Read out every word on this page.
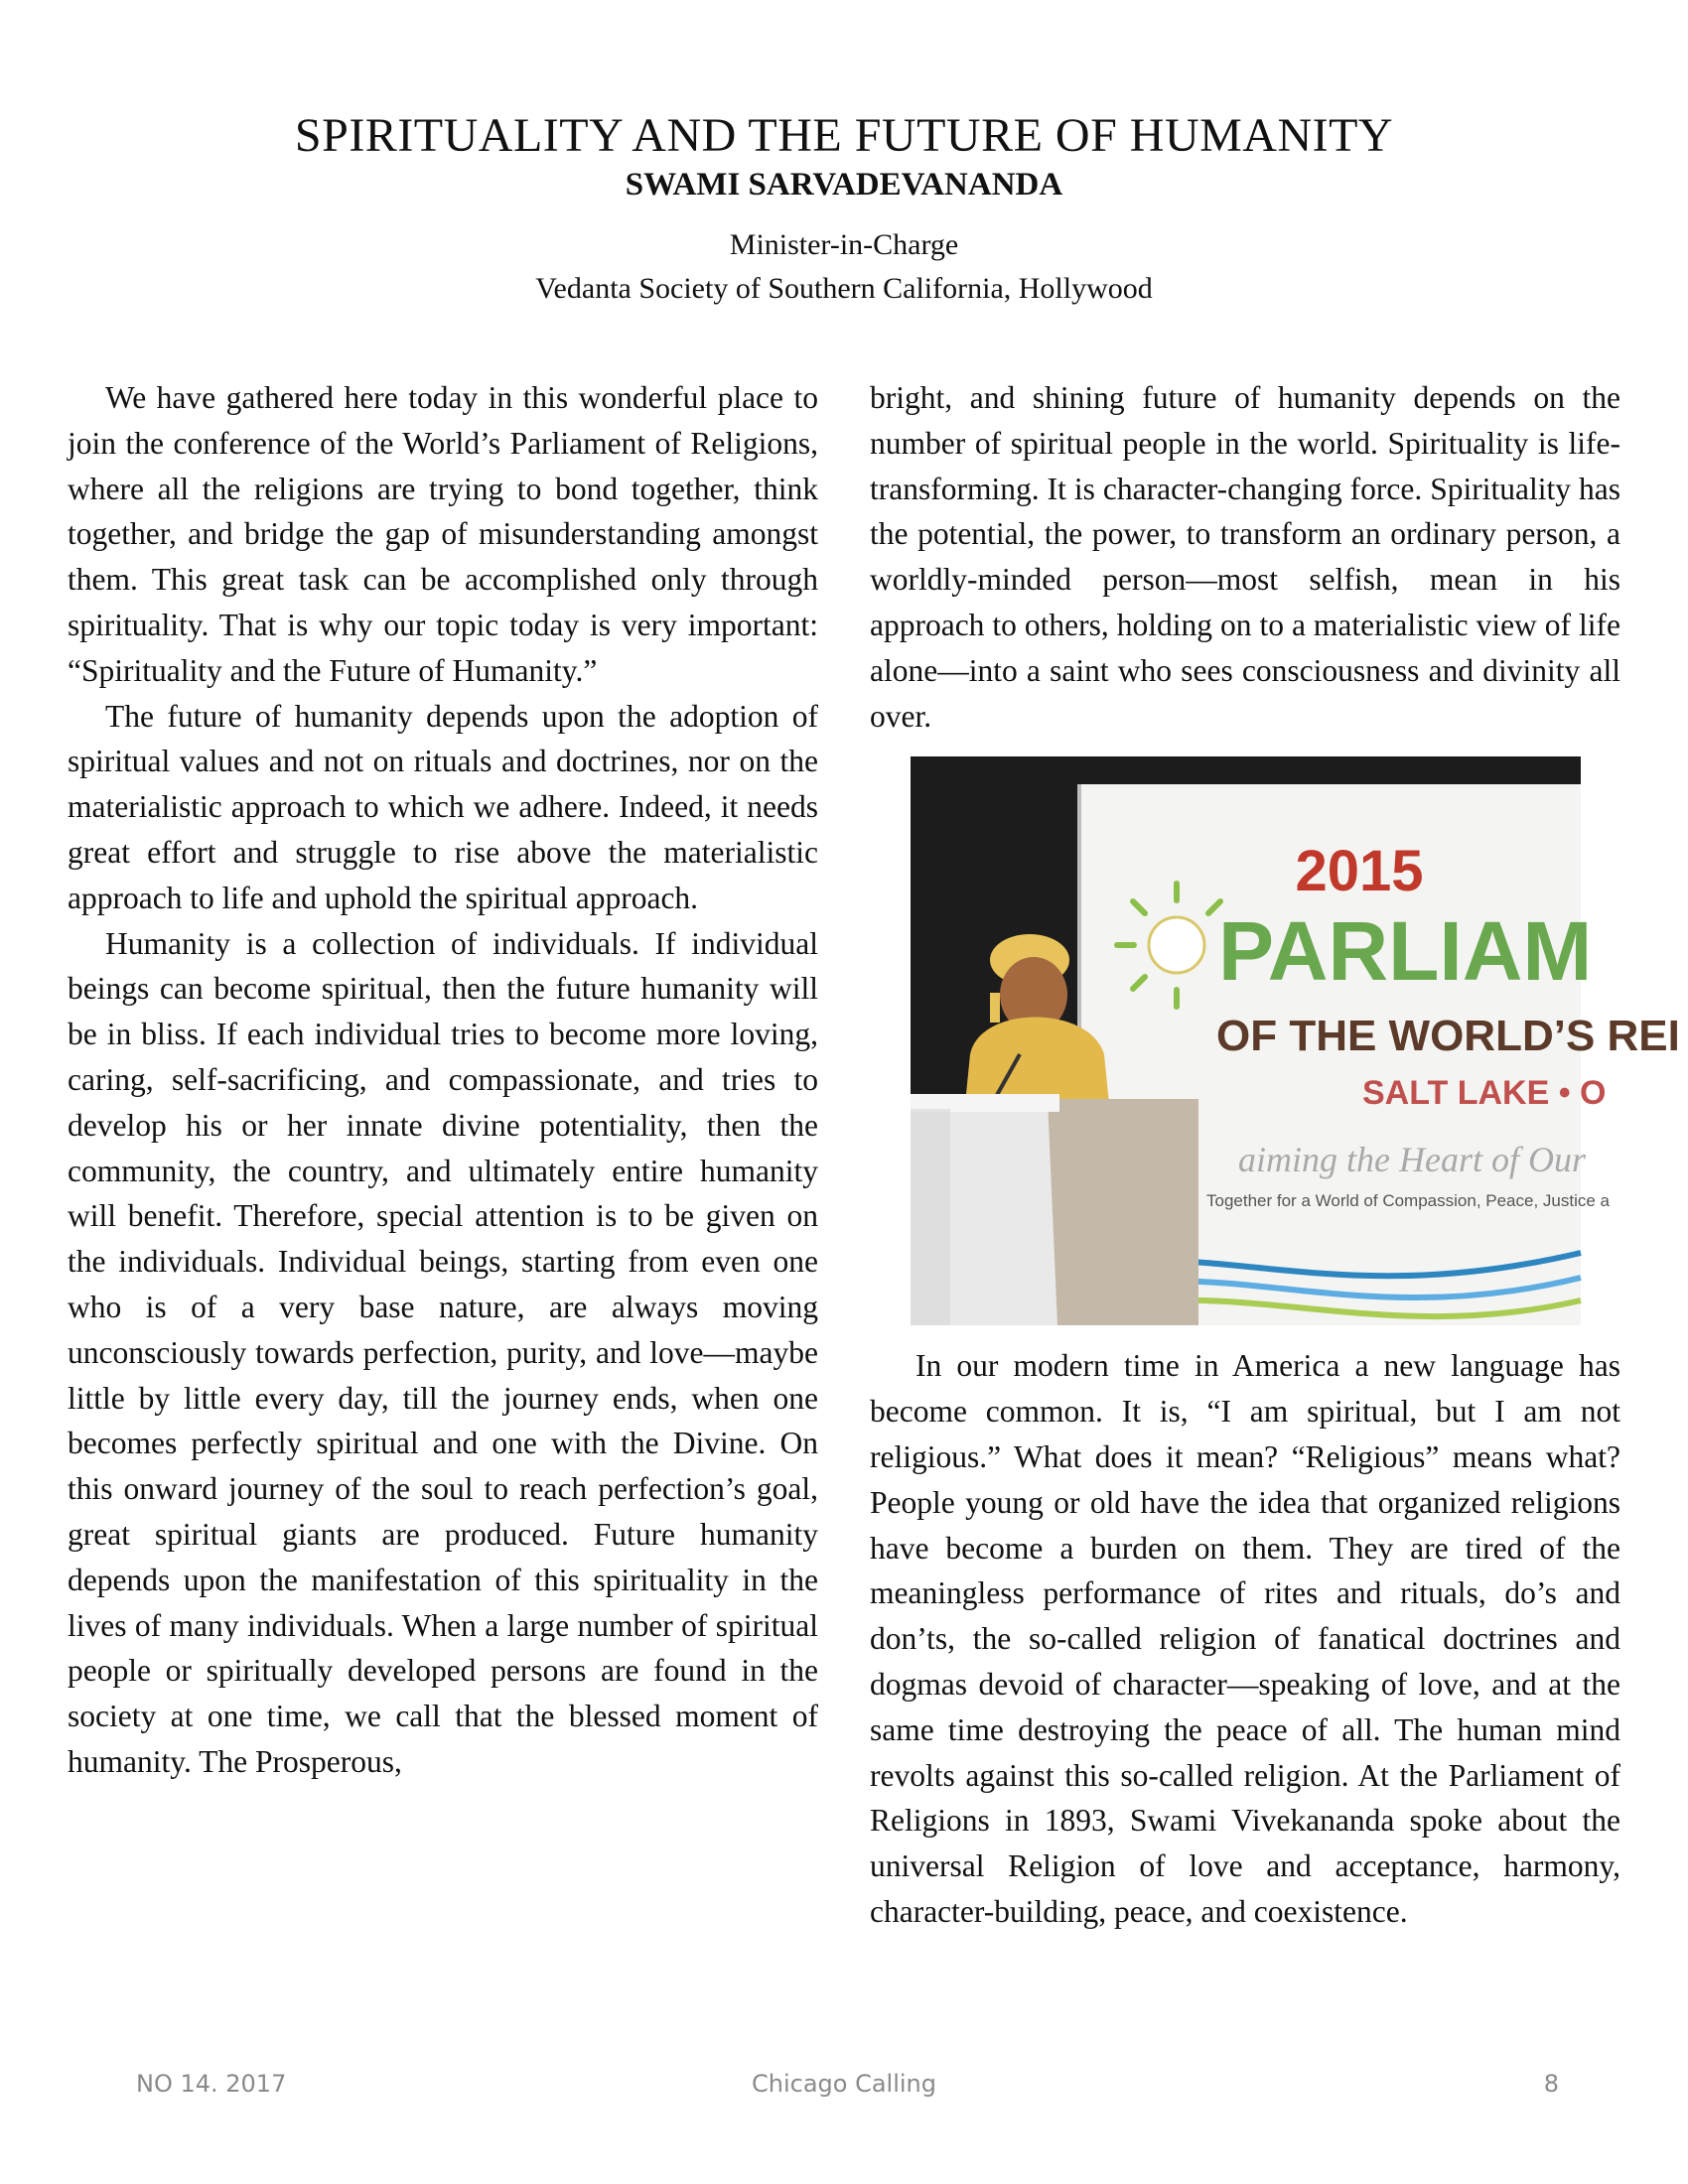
SPIRITUALITY AND THE FUTURE OF HUMANITY
SWAMI SARVADEVANANDA
Minister-in-Charge
Vedanta Society of Southern California, Hollywood

We have gathered here today in this wonderful place to join the conference of the World’s Parliament of Religions, where all the religions are trying to bond together, think together, and bridge the gap of misunderstanding amongst them. This great task can be accomplished only through spirituality. That is why our topic today is very important: “Spirituality and the Future of Humanity.”

The future of humanity depends upon the adoption of spiritual values and not on rituals and doctrines, nor on the materialistic approach to which we adhere. Indeed, it needs great effort and struggle to rise above the materialistic approach to life and uphold the spiritual approach.

Humanity is a collection of individuals. If individual beings can become spiritual, then the future humanity will be in bliss. If each individual tries to become more loving, caring, self-sacrificing, and compassionate, and tries to develop his or her innate divine potentiality, then the community, the country, and ultimately entire humanity will benefit. Therefore, special attention is to be given on the individuals. Individual beings, starting from even one who is of a very base nature, are always moving unconsciously towards perfection, purity, and love—maybe little by little every day, till the journey ends, when one becomes perfectly spiritual and one with the Divine. On this onward journey of the soul to reach perfection’s goal, great spiritual giants are produced. Future humanity depends upon the manifestation of this spirituality in the lives of many individuals. When a large number of spiritual people or spiritually developed persons are found in the society at one time, we call that the blessed moment of humanity. The Prosperous,

bright, and shining future of humanity depends on the number of spiritual people in the world. Spirituality is life-transforming. It is character-changing force. Spirituality has the potential, the power, to transform an ordinary person, a worldly-minded person—most selfish, mean in his approach to others, holding on to a materialistic view of life alone—into a saint who sees consciousness and divinity all over.

2015
PARLIAM
OF THE WORLD’S REI
SALT LAKE • O
aiming the Heart of Our
Together for a World of Compassion, Peace, Justice a

In our modern time in America a new language has become common. It is, “I am spiritual, but I am not religious.” What does it mean? “Religious” means what? People young or old have the idea that organized religions have become a burden on them. They are tired of the meaningless performance of rites and rituals, do’s and don’ts, the so-called religion of fanatical doctrines and dogmas devoid of character—speaking of love, and at the same time destroying the peace of all. The human mind revolts against this so-called religion. At the Parliament of Religions in 1893, Swami Vivekananda spoke about the universal Religion of love and acceptance, harmony, character-building, peace, and coexistence.

NO 14. 2017	Chicago Calling	8
